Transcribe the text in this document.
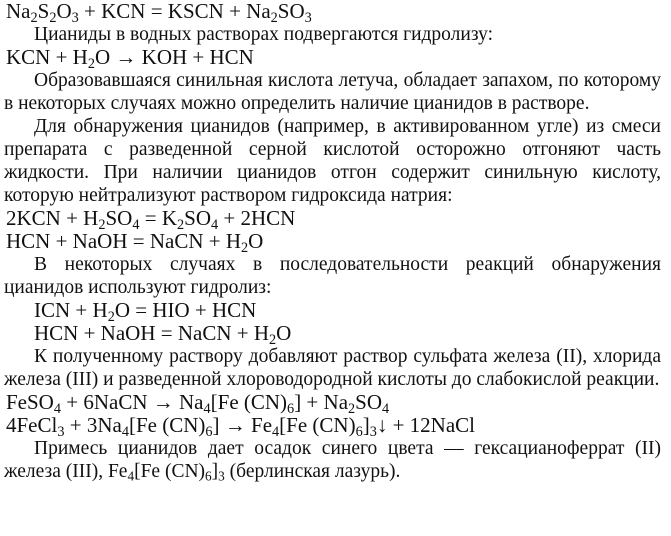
$Na_2S_2O_3$ + KCN = KSCN + $Na_2SO_3$
Цианиды в водных растворах подвергаются гидролизу:
KCN + $H_2O$ → KOH + HCN
Образовавшаяся синильная кислота летуча, обладает запахом, по которому в некоторых случаях можно определить наличие цианидов в растворе.
Для обнаружения цианидов (например, в активированном угле) из смеси препарата с разведенной серной кислотой осторожно отгоняют часть жидкости. При наличии цианидов отгон содержит синильную кислоту, которую нейтрализуют раствором гидроксида натрия:
$2KCN + H_2SO_4 = K_2SO_4 + 2HCN$
HCN + NaOH = NaCN + $H_2O$
В некоторых случаях в последовательности реакций обнаружения цианидов используют гидролиз:
ICN + $H_2O$ = HIO + HCN
HCN + NaOH = NaCN + $H_2O$
К полученному раствору добавляют раствор сульфата железа (II), хлорида железа (III) и разведенной хлороводородной кислоты до слабокислой реакции.
FeSO$_4$ + 6NaCN → $Na_4[Fe$ $(CN)_6] + Na_2SO_4$
4FeCl$_3$ + $3Na_4[Fe$ $(CN)_6] \to Fe_4[Fe$ $(CN)_6]_3↓$ + 12NaCl
Примесь цианидов дает осадок синего цвета — гексацианоферрат (II) железа (III), $Fe_4[Fe$ $(CN)_6]_3$ (берлинская лазурь).
